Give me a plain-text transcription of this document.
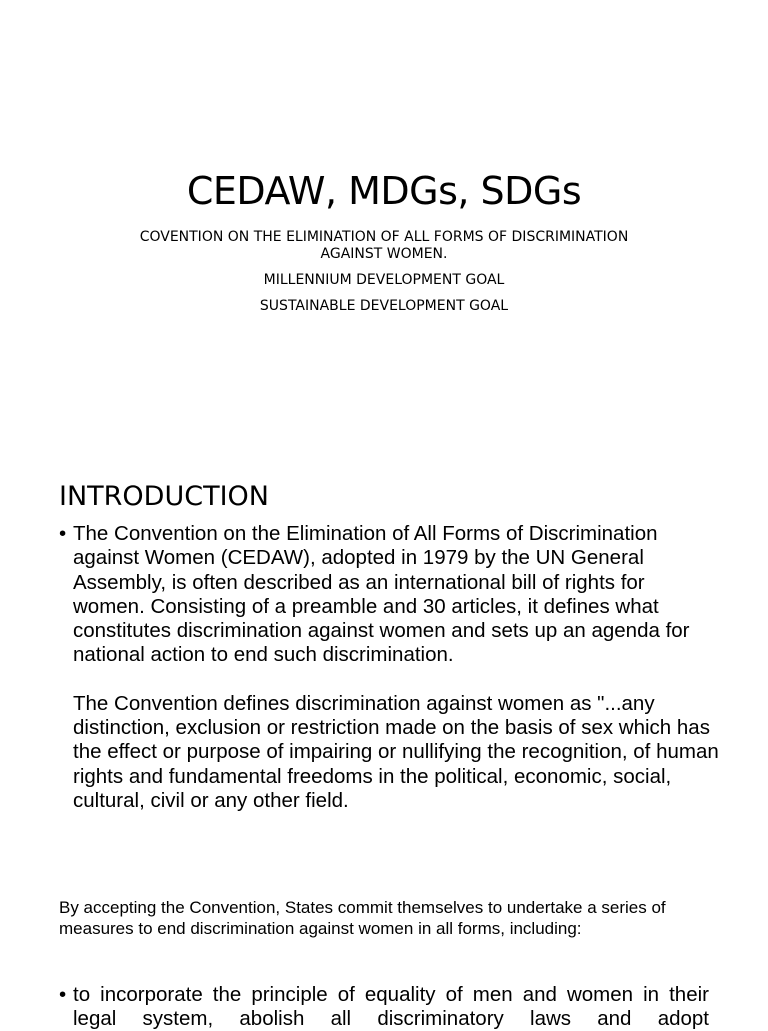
CEDAW, MDGs, SDGs
COVENTION ON THE ELIMINATION OF ALL FORMS OF DISCRIMINATION
AGAINST WOMEN.
MILLENNIUM DEVELOPMENT GOAL
SUSTAINABLE DEVELOPMENT GOAL
INTRODUCTION
• The Convention on the Elimination of All Forms of Discrimination against Women (CEDAW), adopted in 1979 by the UN General Assembly, is often described as an international bill of rights for women. Consisting of a preamble and 30 articles, it defines what constitutes discrimination against women and sets up an agenda for national action to end such discrimination.
The Convention defines discrimination against women as "...any distinction, exclusion or restriction made on the basis of sex which has the effect or purpose of impairing or nullifying the recognition, of human rights and fundamental freedoms in the political, economic, social, cultural, civil or any other field.
By accepting the Convention, States commit themselves to undertake a series of measures to end discrimination against women in all forms, including:
• to incorporate the principle of equality of men and women in their legal system, abolish all discriminatory laws and adopt
